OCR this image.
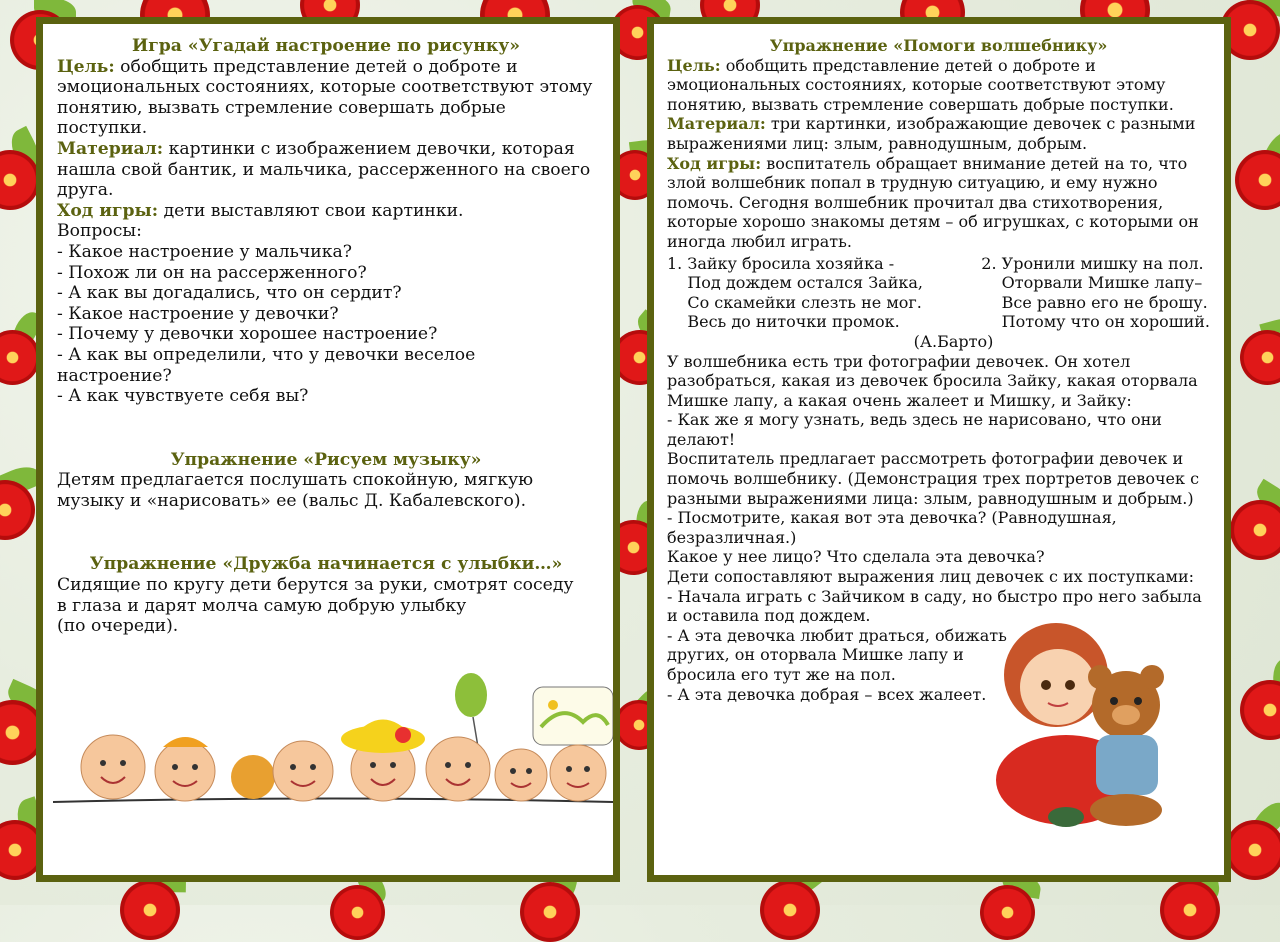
Игра «Угадай настроение по рисунку»

Цель: обобщить представление детей о доброте и эмоциональных состояниях, которые соответствуют этому понятию, вызвать стремление совершать добрые поступки.

Материал: картинки с изображением девочки, которая нашла свой бантик, и мальчика, рассерженного на своего друга.

Ход игры: дети выставляют свои картинки.

Вопросы:

- Какое настроение у мальчика?

- Похож ли он на рассерженного?

- А как вы догадались, что он сердит?

- Какое настроение у девочки?

- Почему у девочки хорошее настроение?

- А как вы определили, что у девочки веселое настроение?

- А как чувствуете себя вы?

Упражнение «Рисуем музыку»

Детям предлагается послушать спокойную, мягкую музыку и «нарисовать» ее (вальс Д. Кабалевского).

Упражнение «Дружба начинается с улыбки…»

Сидящие по кругу дети берутся за руки, смотрят соседу в глаза и дарят молча самую добрую улыбку

(по очереди).

Упражнение «Помоги волшебнику»

Цель: обобщить представление детей о доброте и эмоциональных состояниях, которые соответствуют этому понятию, вызвать стремление совершать добрые поступки.

Материал: три картинки, изображающие девочек с разными выражениями лиц: злым, равнодушным, добрым.

Ход игры: воспитатель обращает внимание детей на то, что злой волшебник попал в трудную ситуацию, и ему нужно помочь. Сегодня волшебник прочитал два стихотворения, которые хорошо знакомы детям – об игрушках, с которыми он иногда любил играть.

1. Зайку бросила хозяйка -
Под дождем остался Зайка,
Со скамейки слезть не мог.
Весь до ниточки промок.
2. Уронили мишку на пол.
Оторвали Мишке лапу–
Все равно его не брошу.
Потому что он хороший.

(А.Барто)

У волшебника есть три фотографии девочек. Он хотел разобраться, какая из девочек бросила Зайку, какая оторвала Мишке лапу, а какая очень жалеет и Мишку, и Зайку:

- Как же я могу узнать, ведь здесь не нарисовано, что они делают!

Воспитатель предлагает рассмотреть фотографии девочек и помочь волшебнику. (Демонстрация трех портретов девочек с разными выражениями лица: злым, равнодушным и добрым.)

- Посмотрите, какая вот эта девочка? (Равнодушная, безразличная.)

Какое у нее лицо? Что сделала эта девочка?

Дети сопоставляют выражения лиц девочек с их поступками:

- Начала играть с Зайчиком в саду, но быстро про него забыла и оставила под дождем.

- А эта девочка любит драться, обижать других, он оторвала Мишке лапу и бросила его тут же на пол.

- А эта девочка добрая – всех жалеет.
